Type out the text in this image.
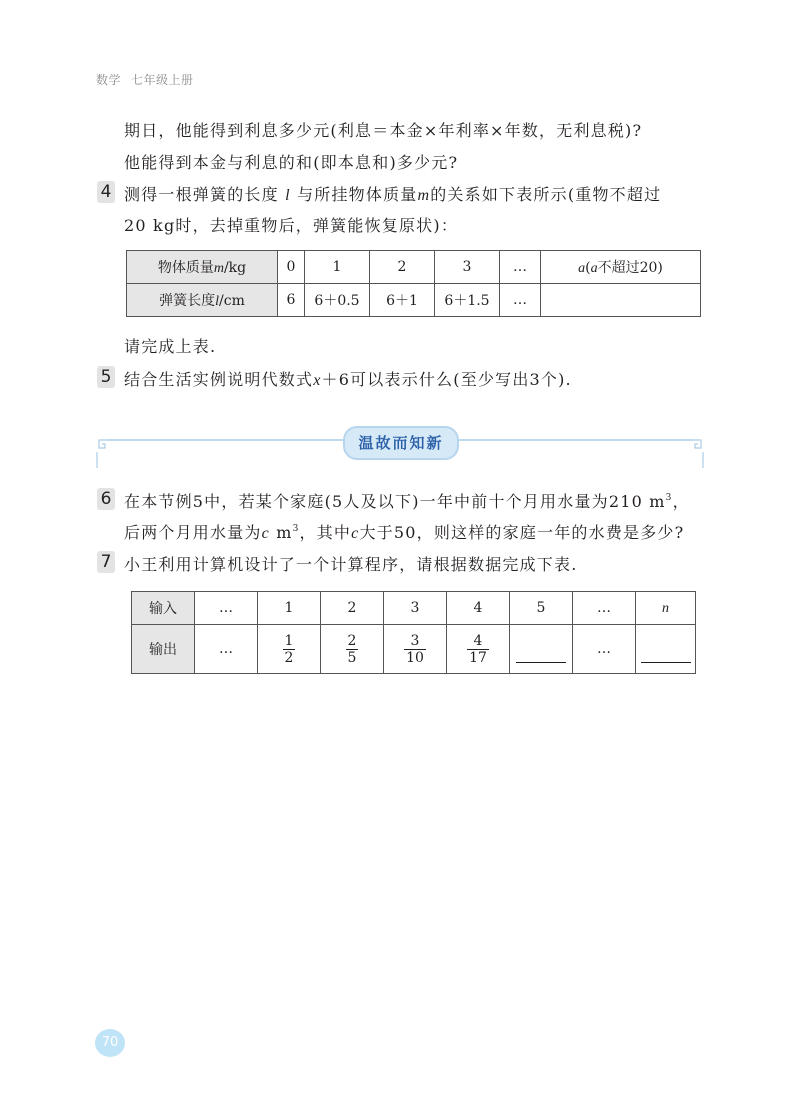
数学 七年级上册
期日，他能得到利息多少元(利息＝本金×年利率×年数，无利息税)?
他能得到本金与利息的和(即本息和)多少元?
4 测得一根弹簧的长度 l 与所挂物体质量m的关系如下表所示(重物不超过
20 kg时，去掉重物后，弹簧能恢复原状)：
物体质量m/kg	0	1	2	3	…	a(a不超过20)
弹簧长度l/cm	6	6＋0.5	6＋1	6＋1.5	…	
请完成上表.
5 结合生活实例说明代数式x＋6可以表示什么(至少写出3个).
温故而知新
6 在本节例5中，若某个家庭(5人及以下)一年中前十个月用水量为210 $m^3$，
后两个月用水量为c $m^3$，其中c大于50，则这样的家庭一年的水费是多少?
7 小王利用计算机设计了一个计算程序，请根据数据完成下表.
输入	…	1	2	3	4	5	…	n
输出	…	$\frac{1}{2}$	$\frac{2}{5}$	$\frac{3}{10}$	$\frac{4}{17}$		…	
70
